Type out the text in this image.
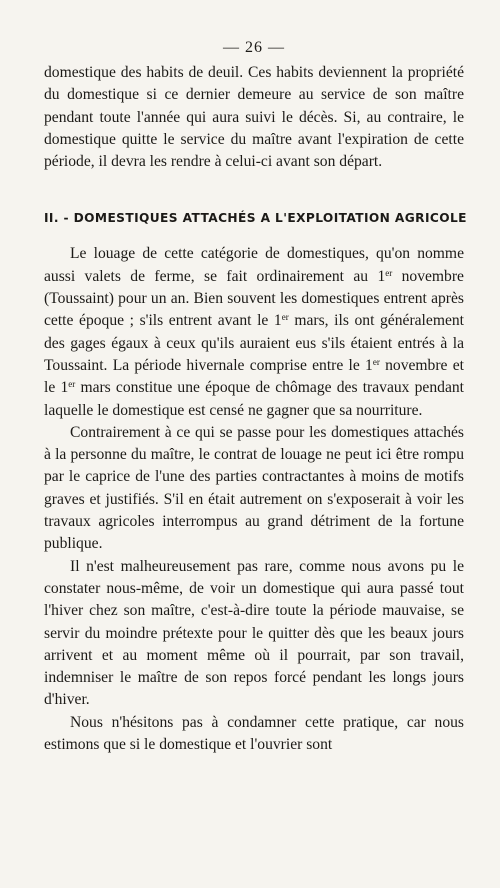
— 26 —

domestique des habits de deuil. Ces habits deviennent la propriété du domestique si ce dernier demeure au service de son maître pendant toute l'année qui aura suivi le décès. Si, au contraire, le domestique quitte le service du maître avant l'expiration de cette période, il devra les rendre à celui-ci avant son départ.

II. - DOMESTIQUES ATTACHÉS A L'EXPLOITATION AGRICOLE

Le louage de cette catégorie de domestiques, qu'on nomme aussi valets de ferme, se fait ordinairement au 1er novembre (Toussaint) pour un an. Bien souvent les domestiques entrent après cette époque ; s'ils entrent avant le 1er mars, ils ont généralement des gages égaux à ceux qu'ils auraient eus s'ils étaient entrés à la Toussaint. La période hivernale comprise entre le 1er novembre et le 1er mars constitue une époque de chômage des travaux pendant laquelle le domestique est censé ne gagner que sa nourriture.

Contrairement à ce qui se passe pour les domestiques attachés à la personne du maître, le contrat de louage ne peut ici être rompu par le caprice de l'une des parties contractantes à moins de motifs graves et justifiés. S'il en était autrement on s'exposerait à voir les travaux agricoles interrompus au grand détriment de la fortune publique.

Il n'est malheureusement pas rare, comme nous avons pu le constater nous-même, de voir un domestique qui aura passé tout l'hiver chez son maître, c'est-à-dire toute la période mauvaise, se servir du moindre prétexte pour le quitter dès que les beaux jours arrivent et au moment même où il pourrait, par son travail, indemniser le maître de son repos forcé pendant les longs jours d'hiver.

Nous n'hésitons pas à condamner cette pratique, car nous estimons que si le domestique et l'ouvrier sont
